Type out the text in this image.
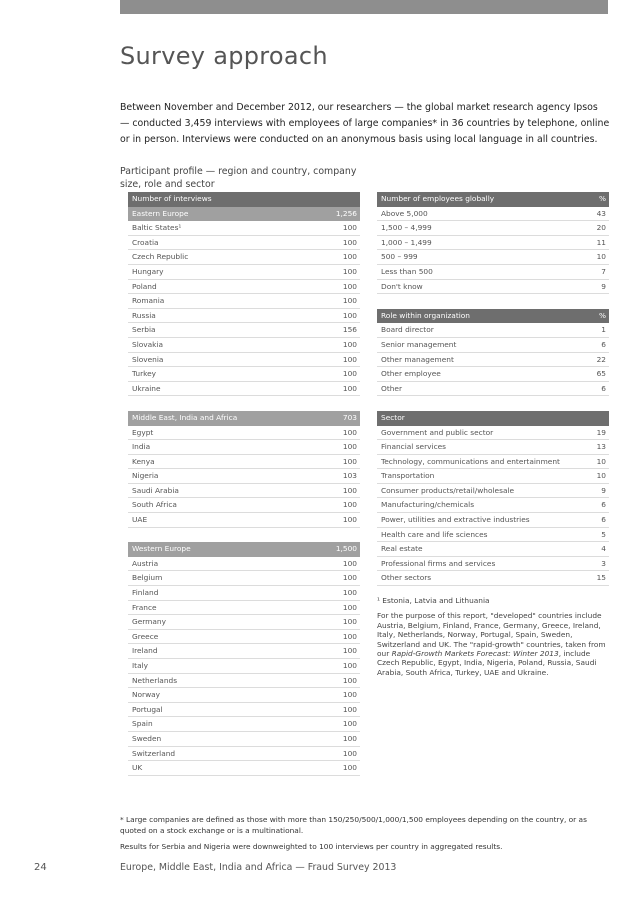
Survey approach

Between November and December 2012, our researchers — the global market research agency Ipsos — conducted 3,459 interviews with employees of large companies* in 36 countries by telephone, online or in person. Interviews were conducted on an anonymous basis using local language in all countries.

Participant profile — region and country, company size, role and sector

Number of interviews
Eastern Europe	1,256
Baltic States¹	100
Croatia	100
Czech Republic	100
Hungary	100
Poland	100
Romania	100
Russia	100
Serbia	156
Slovakia	100
Slovenia	100
Turkey	100
Ukraine	100
Middle East, India and Africa	703
Egypt	100
India	100
Kenya	100
Nigeria	103
Saudi Arabia	100
South Africa	100
UAE	100
Western Europe	1,500
Austria	100
Belgium	100
Finland	100
France	100
Germany	100
Greece	100
Ireland	100
Italy	100
Netherlands	100
Norway	100
Portugal	100
Spain	100
Sweden	100
Switzerland	100
UK	100
Number of employees globally	%
Above 5,000	43
1,500 – 4,999	20
1,000 – 1,499	11
500 – 999	10
Less than 500	7
Don't know	9
Role within organization	%
Board director	1
Senior management	6
Other management	22
Other employee	65
Other	6
Sector
Government and public sector	19
Financial services	13
Technology, communications and entertainment	10
Transportation	10
Consumer products/retail/wholesale	9
Manufacturing/chemicals	6
Power, utilities and extractive industries	6
Health care and life sciences	5
Real estate	4
Professional firms and services	3
Other sectors	15

¹ Estonia, Latvia and Lithuania

For the purpose of this report, "developed" countries include Austria, Belgium, Finland, France, Germany, Greece, Ireland, Italy, Netherlands, Norway, Portugal, Spain, Sweden, Switzerland and UK. The "rapid-growth" countries, taken from our Rapid-Growth Markets Forecast: Winter 2013, include Czech Republic, Egypt, India, Nigeria, Poland, Russia, Saudi Arabia, South Africa, Turkey, UAE and Ukraine.

* Large companies are defined as those with more than 150/250/500/1,000/1,500 employees depending on the country, or as quoted on a stock exchange or is a multinational.

Results for Serbia and Nigeria were downweighted to 100 interviews per country in aggregated results.

24	Europe, Middle East, India and Africa — Fraud Survey 2013
